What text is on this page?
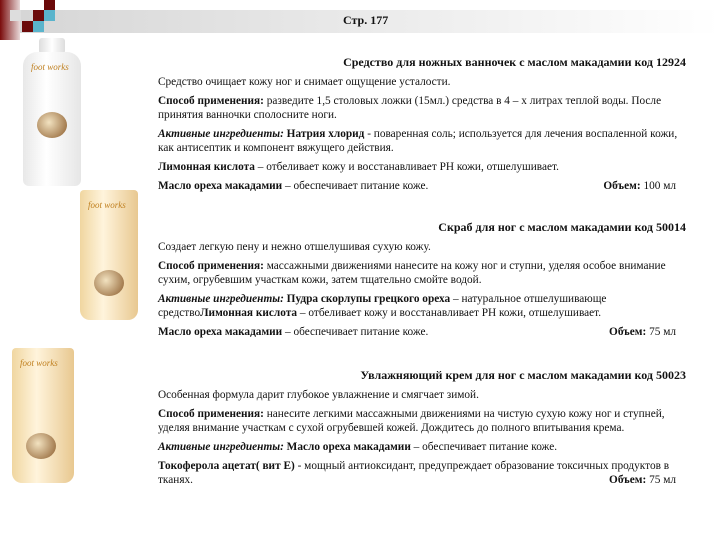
Стр. 177
foot works
foot works
foot works

Средство для ножных ванночек с маслом макадамии код 12924

Средство очищает кожу ног и снимает ощущение усталости.

Способ применения: разведите 1,5 столовых ложки (15мл.) средства в 4 – х литрах теплой воды. После принятия ванночки сполосните ноги.

Активные ингредиенты: Натрия хлорид - поваренная соль; используется для лечения воспаленной кожи, как антисептик и компонент вяжущего действия.

Лимонная кислота – отбеливает кожу и восстанавливает РН кожи, отшелушивает.

Объем: 100 мл
Масло ореха макадамии – обеспечивает питание коже.

Скраб для ног с маслом макадамии код 50014

Создает легкую пену и нежно отшелушивая сухую кожу.

Способ применения: массажными движениями нанесите на кожу ног и ступни, уделяя особое внимание сухим, огрубевшим участкам кожи, затем тщательно смойте водой.

Активные ингредиенты: Пудра скорлупы грецкого ореха – натуральное отшелушивающе средствоЛимонная кислота – отбеливает кожу и восстанавливает РН кожи, отшелушивает.

Объем: 75 мл
Масло ореха макадамии – обеспечивает питание коже.

Увлажняющий крем для ног с маслом макадамии код 50023

Особенная формула дарит глубокое увлажнение и смягчает зимой.

Способ применения: нанесите легкими массажными движениями на чистую сухую кожу ног и ступней, уделяя внимание участкам с сухой огрубевшей кожей. Дождитесь до полного впитывания крема.

Активные ингредиенты: Масло ореха макадамии – обеспечивает питание коже.

Токоферола ацетат( вит Е) - мощный антиоксидант, предупреждает образование токсичных продуктов в тканях.	Объем: 75 мл
